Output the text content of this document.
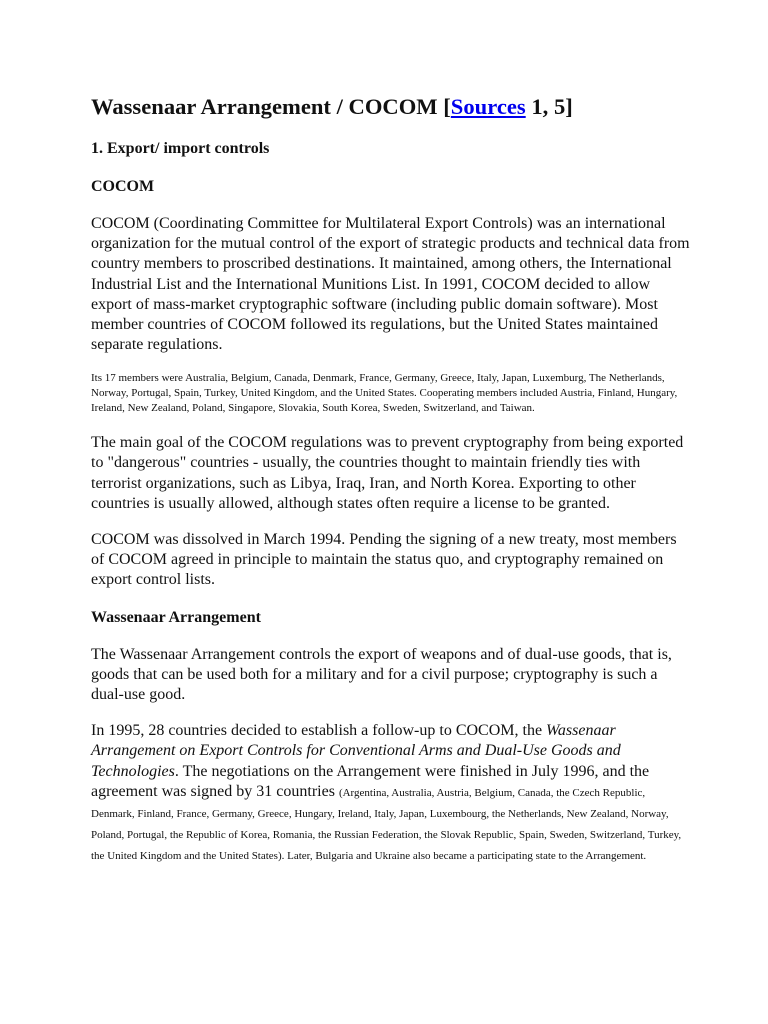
Wassenaar Arrangement / COCOM [Sources 1, 5]
1. Export/ import controls
COCOM

COCOM (Coordinating Committee for Multilateral Export Controls) was an international organization for the mutual control of the export of strategic products and technical data from country members to proscribed destinations. It maintained, among others, the International Industrial List and the International Munitions List. In 1991, COCOM decided to allow export of mass-market cryptographic software (including public domain software). Most member countries of COCOM followed its regulations, but the United States maintained separate regulations.

Its 17 members were Australia, Belgium, Canada, Denmark, France, Germany, Greece, Italy, Japan, Luxemburg, The Netherlands, Norway, Portugal, Spain, Turkey, United Kingdom, and the United States. Cooperating members included Austria, Finland, Hungary, Ireland, New Zealand, Poland, Singapore, Slovakia, South Korea, Sweden, Switzerland, and Taiwan.

The main goal of the COCOM regulations was to prevent cryptography from being exported to "dangerous" countries - usually, the countries thought to maintain friendly ties with terrorist organizations, such as Libya, Iraq, Iran, and North Korea. Exporting to other countries is usually allowed, although states often require a license to be granted.

COCOM was dissolved in March 1994. Pending the signing of a new treaty, most members of COCOM agreed in principle to maintain the status quo, and cryptography remained on export control lists.

Wassenaar Arrangement

The Wassenaar Arrangement controls the export of weapons and of dual-use goods, that is, goods that can be used both for a military and for a civil purpose; cryptography is such a dual-use good.

In 1995, 28 countries decided to establish a follow-up to COCOM, the Wassenaar Arrangement on Export Controls for Conventional Arms and Dual-Use Goods and Technologies. The negotiations on the Arrangement were finished in July 1996, and the agreement was signed by 31 countries (Argentina, Australia, Austria, Belgium, Canada, the Czech Republic, Denmark, Finland, France, Germany, Greece, Hungary, Ireland, Italy, Japan, Luxembourg, the Netherlands, New Zealand, Norway, Poland, Portugal, the Republic of Korea, Romania, the Russian Federation, the Slovak Republic, Spain, Sweden, Switzerland, Turkey, the United Kingdom and the United States). Later, Bulgaria and Ukraine also became a participating state to the Arrangement.
